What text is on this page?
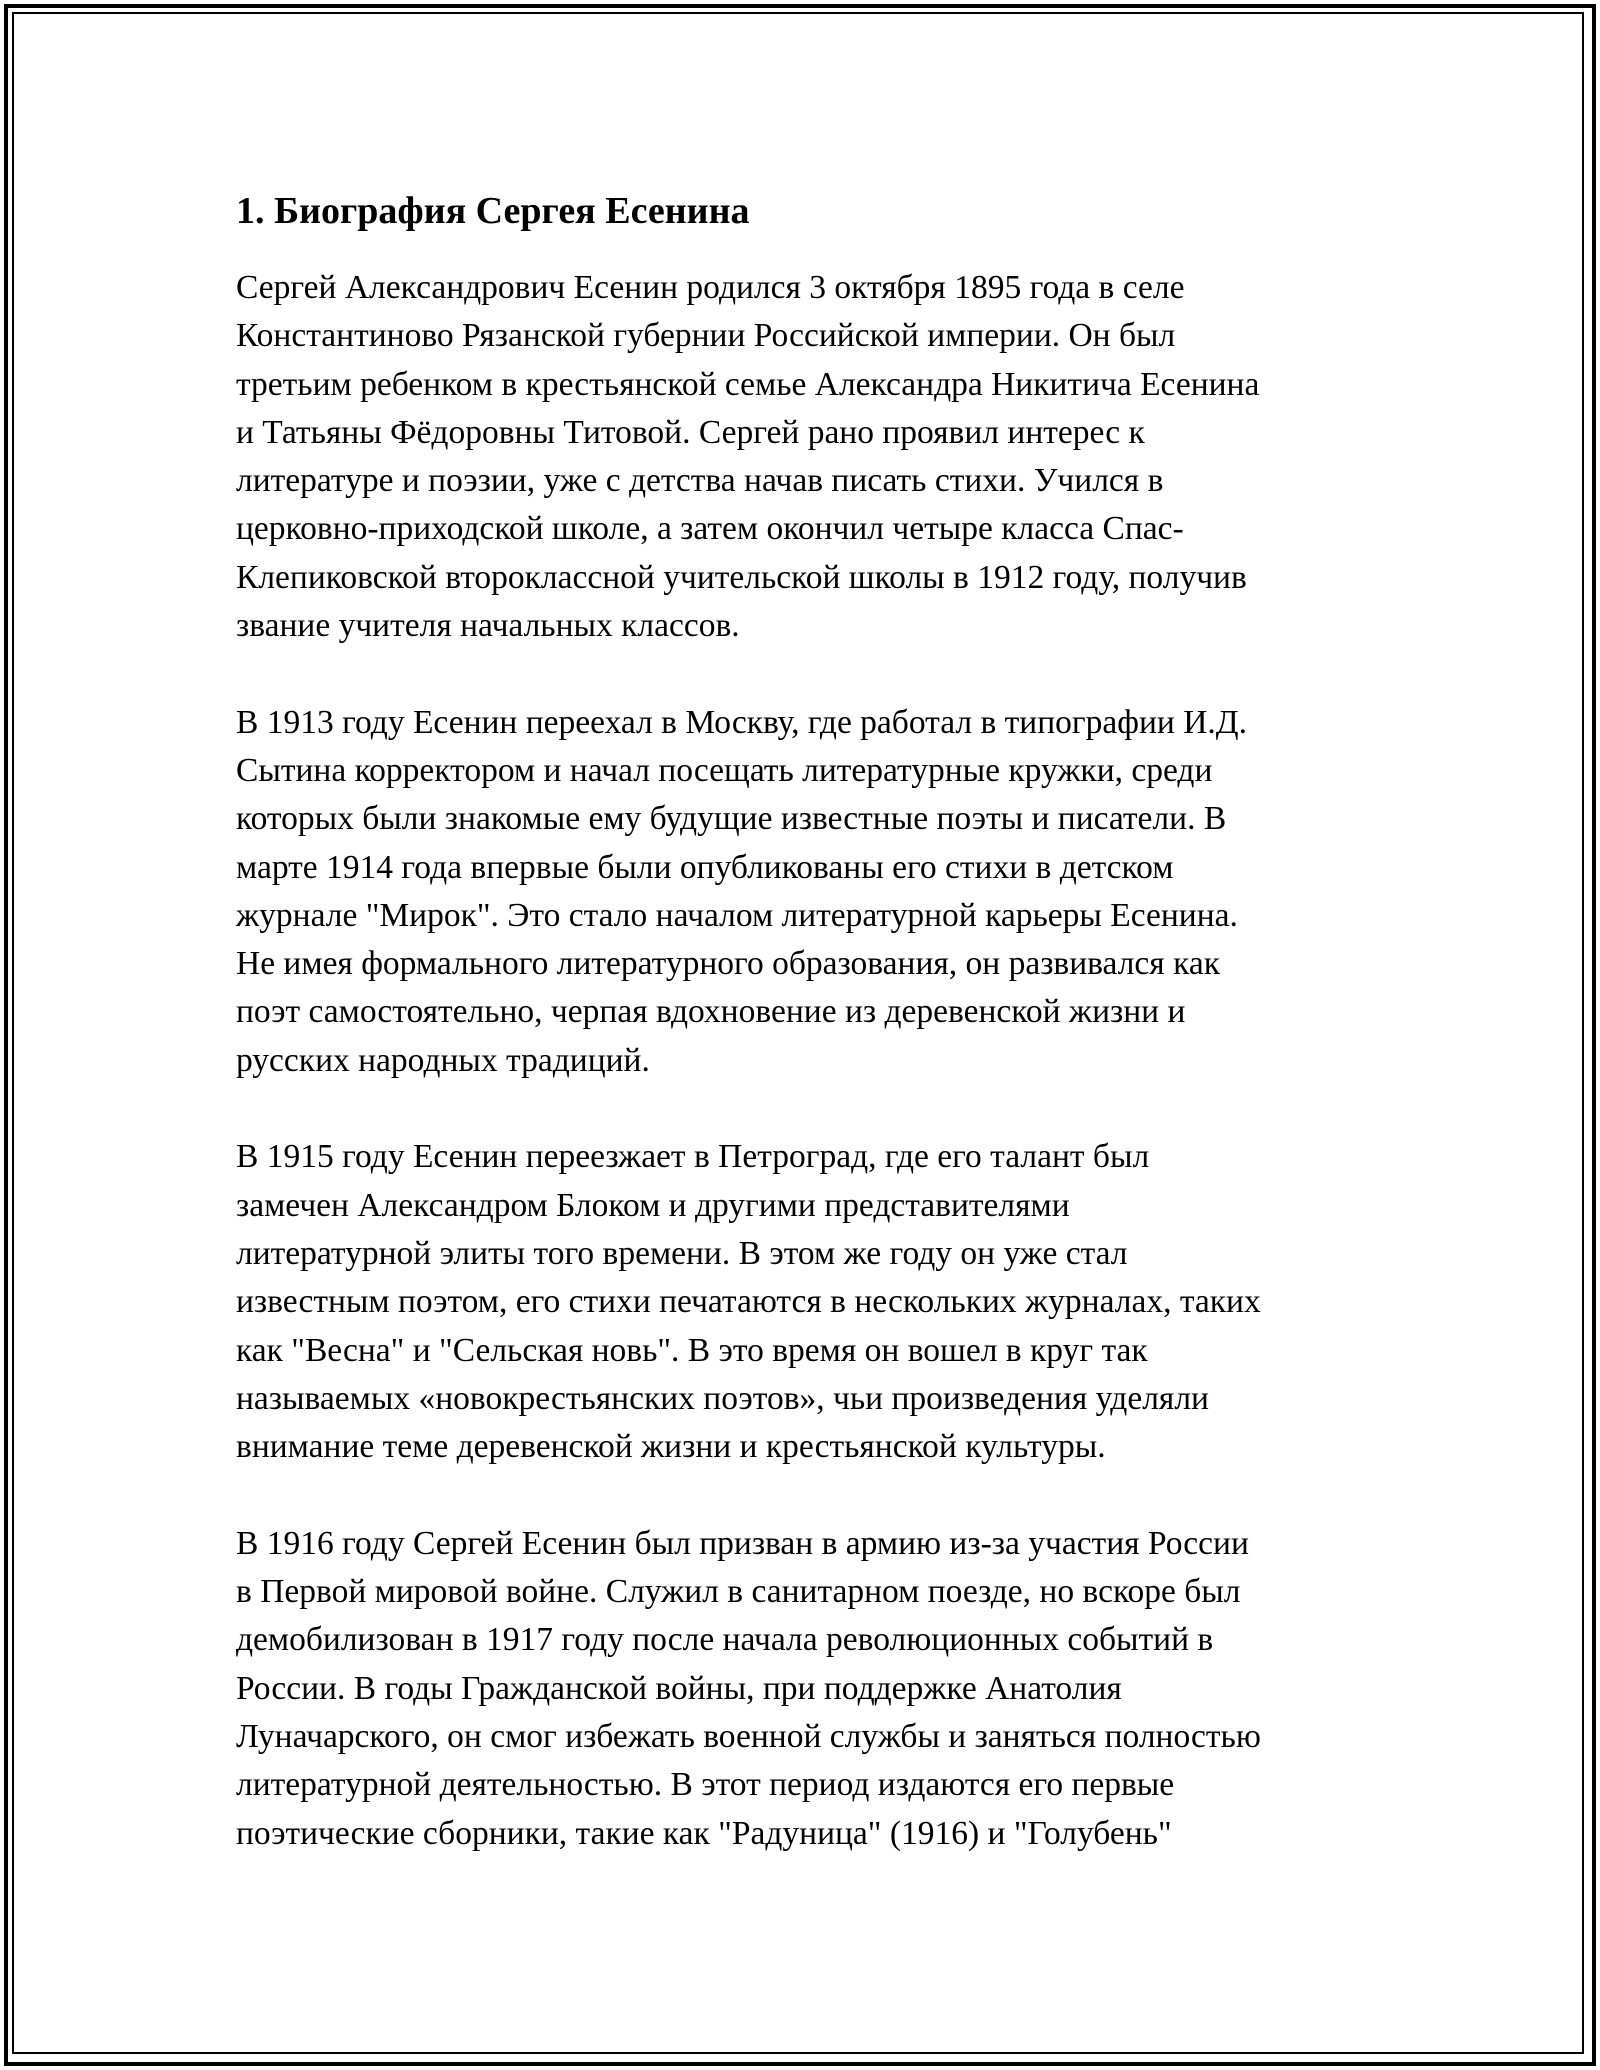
1. Биография Сергея Есенина

Сергей Александрович Есенин родился 3 октября 1895 года в селе
Константиново Рязанской губернии Российской империи. Он был
третьим ребенком в крестьянской семье Александра Никитича Есенина
и Татьяны Фёдоровны Титовой. Сергей рано проявил интерес к
литературе и поэзии, уже с детства начав писать стихи. Учился в
церковно-приходской школе, а затем окончил четыре класса Спас-
Клепиковской второклассной учительской школы в 1912 году, получив
звание учителя начальных классов.

В 1913 году Есенин переехал в Москву, где работал в типографии И.Д.
Сытина корректором и начал посещать литературные кружки, среди
которых были знакомые ему будущие известные поэты и писатели. В
марте 1914 года впервые были опубликованы его стихи в детском
журнале "Мирок". Это стало началом литературной карьеры Есенина.
Не имея формального литературного образования, он развивался как
поэт самостоятельно, черпая вдохновение из деревенской жизни и
русских народных традиций.

В 1915 году Есенин переезжает в Петроград, где его талант был
замечен Александром Блоком и другими представителями
литературной элиты того времени. В этом же году он уже стал
известным поэтом, его стихи печатаются в нескольких журналах, таких
как "Весна" и "Сельская новь". В это время он вошел в круг так
называемых «новокрестьянских поэтов», чьи произведения уделяли
внимание теме деревенской жизни и крестьянской культуры.

В 1916 году Сергей Есенин был призван в армию из-за участия России
в Первой мировой войне. Служил в санитарном поезде, но вскоре был
демобилизован в 1917 году после начала революционных событий в
России. В годы Гражданской войны, при поддержке Анатолия
Луначарского, он смог избежать военной службы и заняться полностью
литературной деятельностью. В этот период издаются его первые
поэтические сборники, такие как "Радуница" (1916) и "Голубень"
